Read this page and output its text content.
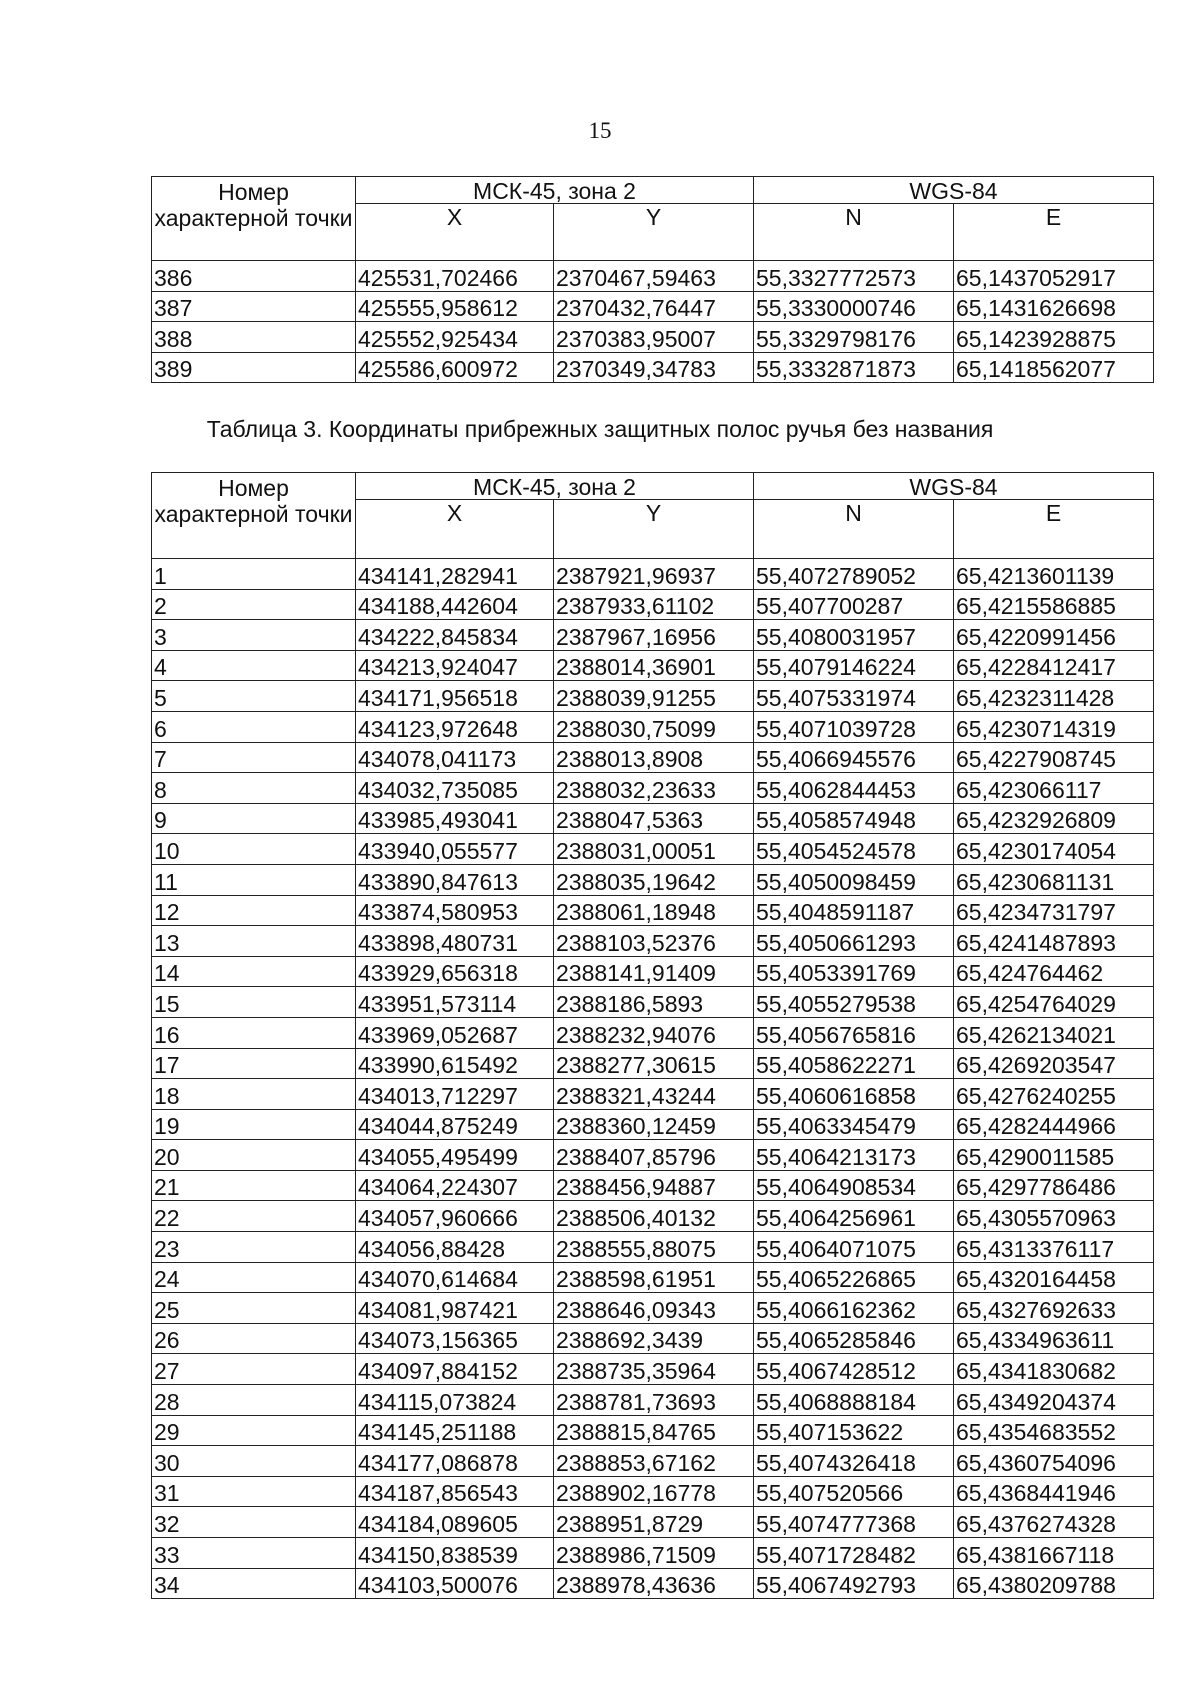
15
Номер характерной точки	МСК-45, зона 2		WGS-84	
	X	Y	N	E
386	425531,702466	2370467,59463	55,3327772573	65,1437052917
387	425555,958612	2370432,76447	55,3330000746	65,1431626698
388	425552,925434	2370383,95007	55,3329798176	65,1423928875
389	425586,600972	2370349,34783	55,3332871873	65,1418562077
Таблица 3. Координаты прибрежных защитных полос ручья без названия
Номер характерной точки	МСК-45, зона 2		WGS-84	
	X	Y	N	E
1	434141,282941	2387921,96937	55,4072789052	65,4213601139
2	434188,442604	2387933,61102	55,407700287	65,4215586885
3	434222,845834	2387967,16956	55,4080031957	65,4220991456
4	434213,924047	2388014,36901	55,4079146224	65,4228412417
5	434171,956518	2388039,91255	55,4075331974	65,4232311428
6	434123,972648	2388030,75099	55,4071039728	65,4230714319
7	434078,041173	2388013,8908	55,4066945576	65,4227908745
8	434032,735085	2388032,23633	55,4062844453	65,423066117
9	433985,493041	2388047,5363	55,4058574948	65,4232926809
10	433940,055577	2388031,00051	55,4054524578	65,4230174054
11	433890,847613	2388035,19642	55,4050098459	65,4230681131
12	433874,580953	2388061,18948	55,4048591187	65,4234731797
13	433898,480731	2388103,52376	55,4050661293	65,4241487893
14	433929,656318	2388141,91409	55,4053391769	65,424764462
15	433951,573114	2388186,5893	55,4055279538	65,4254764029
16	433969,052687	2388232,94076	55,4056765816	65,4262134021
17	433990,615492	2388277,30615	55,4058622271	65,4269203547
18	434013,712297	2388321,43244	55,4060616858	65,4276240255
19	434044,875249	2388360,12459	55,4063345479	65,4282444966
20	434055,495499	2388407,85796	55,4064213173	65,4290011585
21	434064,224307	2388456,94887	55,4064908534	65,4297786486
22	434057,960666	2388506,40132	55,4064256961	65,4305570963
23	434056,88428	2388555,88075	55,4064071075	65,4313376117
24	434070,614684	2388598,61951	55,4065226865	65,4320164458
25	434081,987421	2388646,09343	55,4066162362	65,4327692633
26	434073,156365	2388692,3439	55,4065285846	65,4334963611
27	434097,884152	2388735,35964	55,4067428512	65,4341830682
28	434115,073824	2388781,73693	55,4068888184	65,4349204374
29	434145,251188	2388815,84765	55,407153622	65,4354683552
30	434177,086878	2388853,67162	55,4074326418	65,4360754096
31	434187,856543	2388902,16778	55,407520566	65,4368441946
32	434184,089605	2388951,8729	55,4074777368	65,4376274328
33	434150,838539	2388986,71509	55,4071728482	65,4381667118
34	434103,500076	2388978,43636	55,4067492793	65,4380209788
